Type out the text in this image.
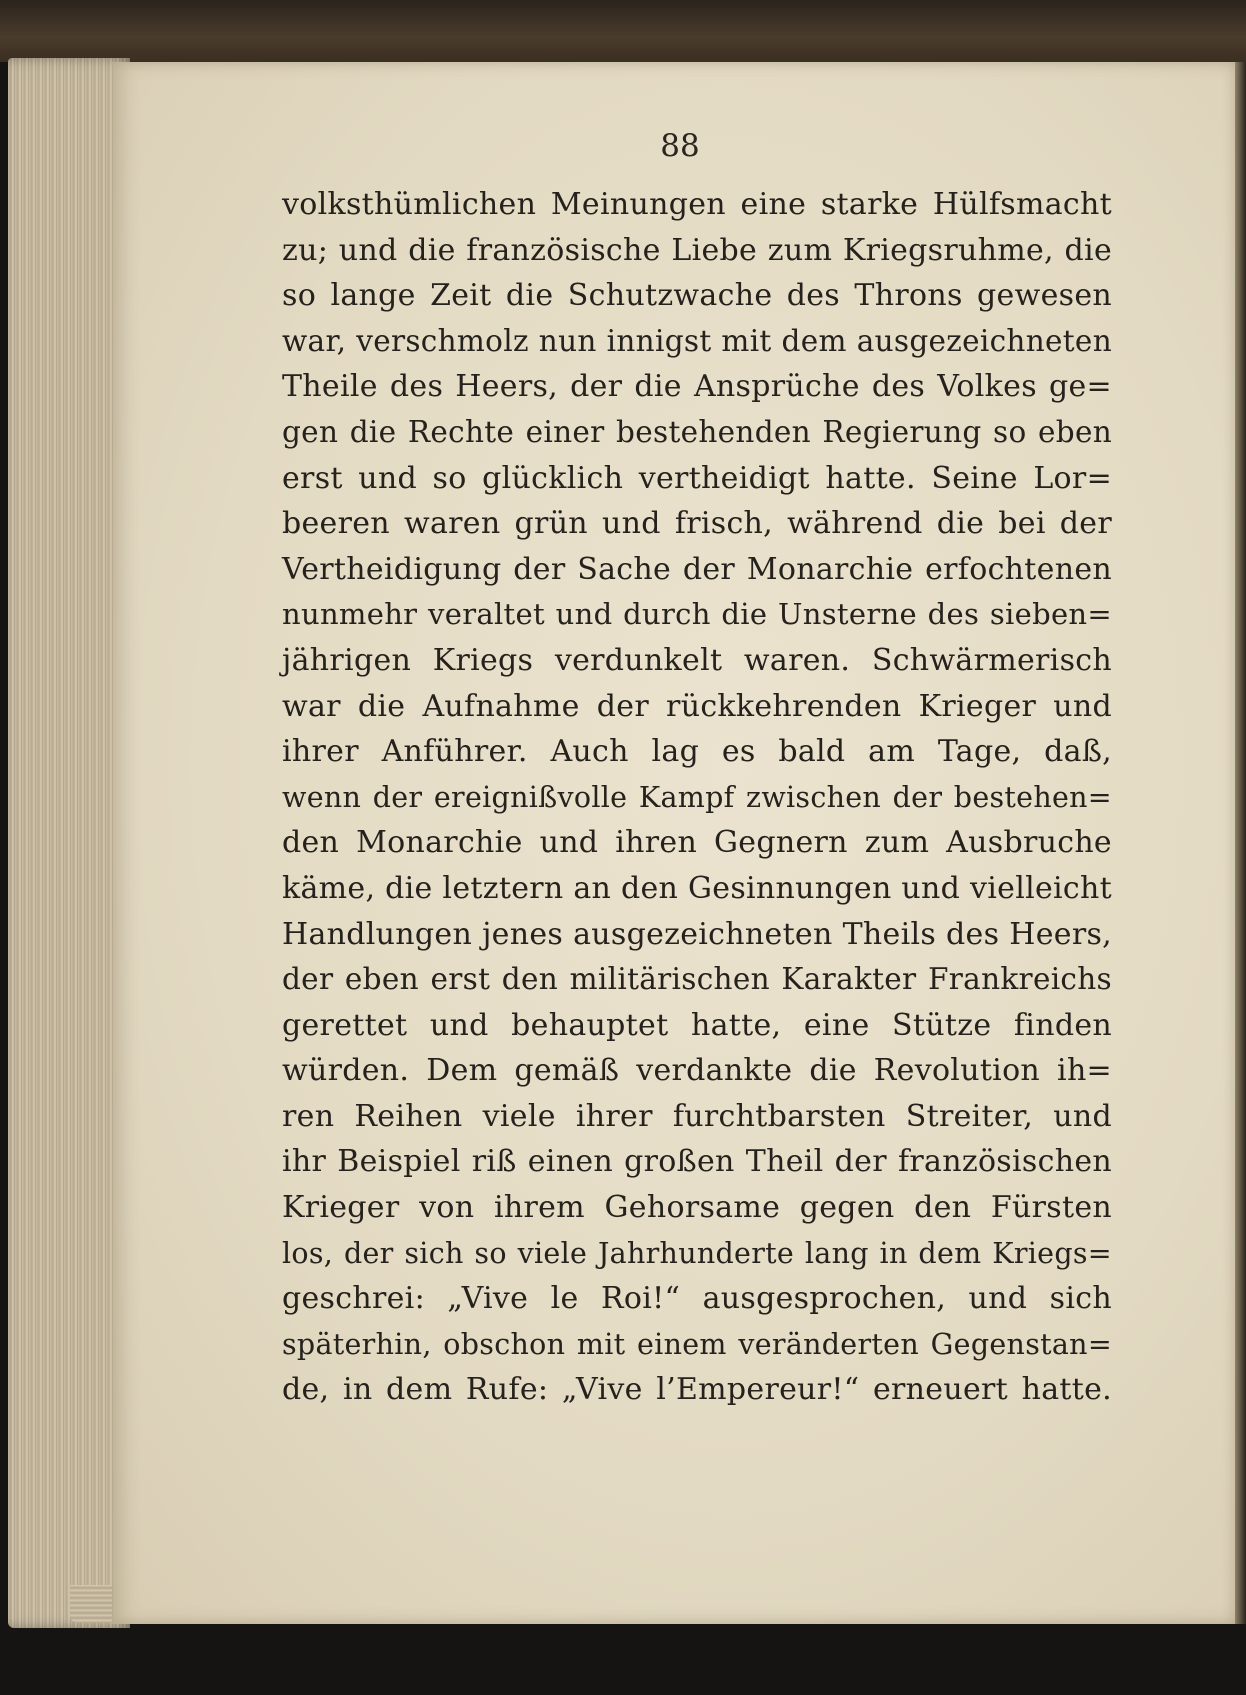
88
volksthümlichen Meinungen eine starke Hülfsmacht
zu; und die französische Liebe zum Kriegsruhme, die
so lange Zeit die Schutzwache des Throns gewesen
war, verschmolz nun innigst mit dem ausgezeichneten
Theile des Heers, der die Ansprüche des Volkes ge=
gen die Rechte einer bestehenden Regierung so eben
erst und so glücklich vertheidigt hatte. Seine Lor=
beeren waren grün und frisch, während die bei der
Vertheidigung der Sache der Monarchie erfochtenen
nunmehr veraltet und durch die Unsterne des sieben=
jährigen Kriegs verdunkelt waren. Schwärmerisch
war die Aufnahme der rückkehrenden Krieger und
ihrer Anführer. Auch lag es bald am Tage, daß,
wenn der ereignißvolle Kampf zwischen der bestehen=
den Monarchie und ihren Gegnern zum Ausbruche
käme, die letztern an den Gesinnungen und vielleicht
Handlungen jenes ausgezeichneten Theils des Heers,
der eben erst den militärischen Karakter Frankreichs
gerettet und behauptet hatte, eine Stütze finden
würden. Dem gemäß verdankte die Revolution ih=
ren Reihen viele ihrer furchtbarsten Streiter, und
ihr Beispiel riß einen großen Theil der französischen
Krieger von ihrem Gehorsame gegen den Fürsten
los, der sich so viele Jahrhunderte lang in dem Kriegs=
geschrei: „Vive le Roi!“ ausgesprochen, und sich
späterhin, obschon mit einem veränderten Gegenstan=
de, in dem Rufe: „Vive l’Empereur!“ erneuert hatte.
